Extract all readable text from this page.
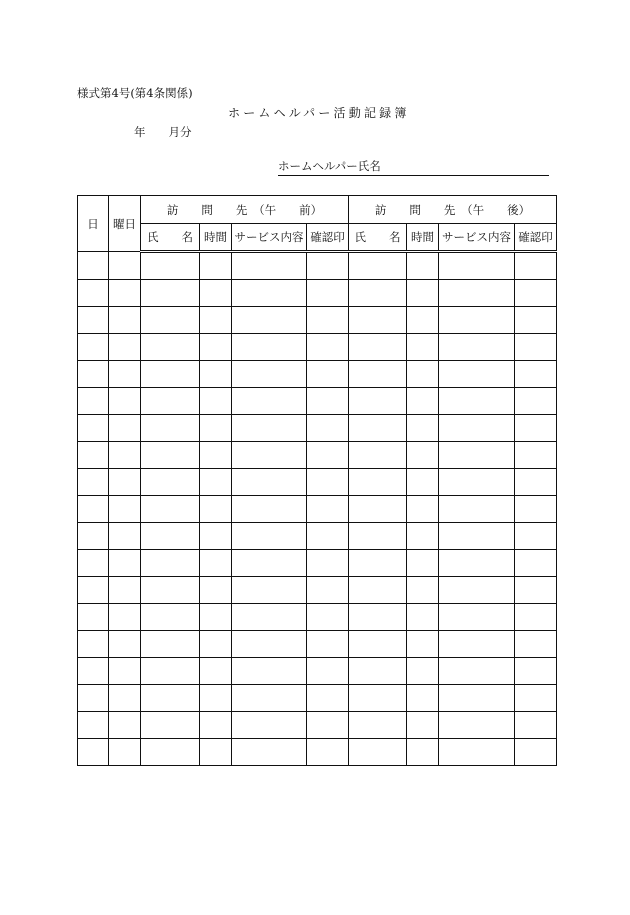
様式第4号(第4条関係)
ホームヘルパー活動記録簿
年　　月分
ホームヘルパー氏名
日	曜日	訪　　問　　先　（午　　前）				訪　　問　　先　（午　　後）			
		氏　　名	時間	サービス内容	確認印	氏　　名	時間	サービス内容	確認印
